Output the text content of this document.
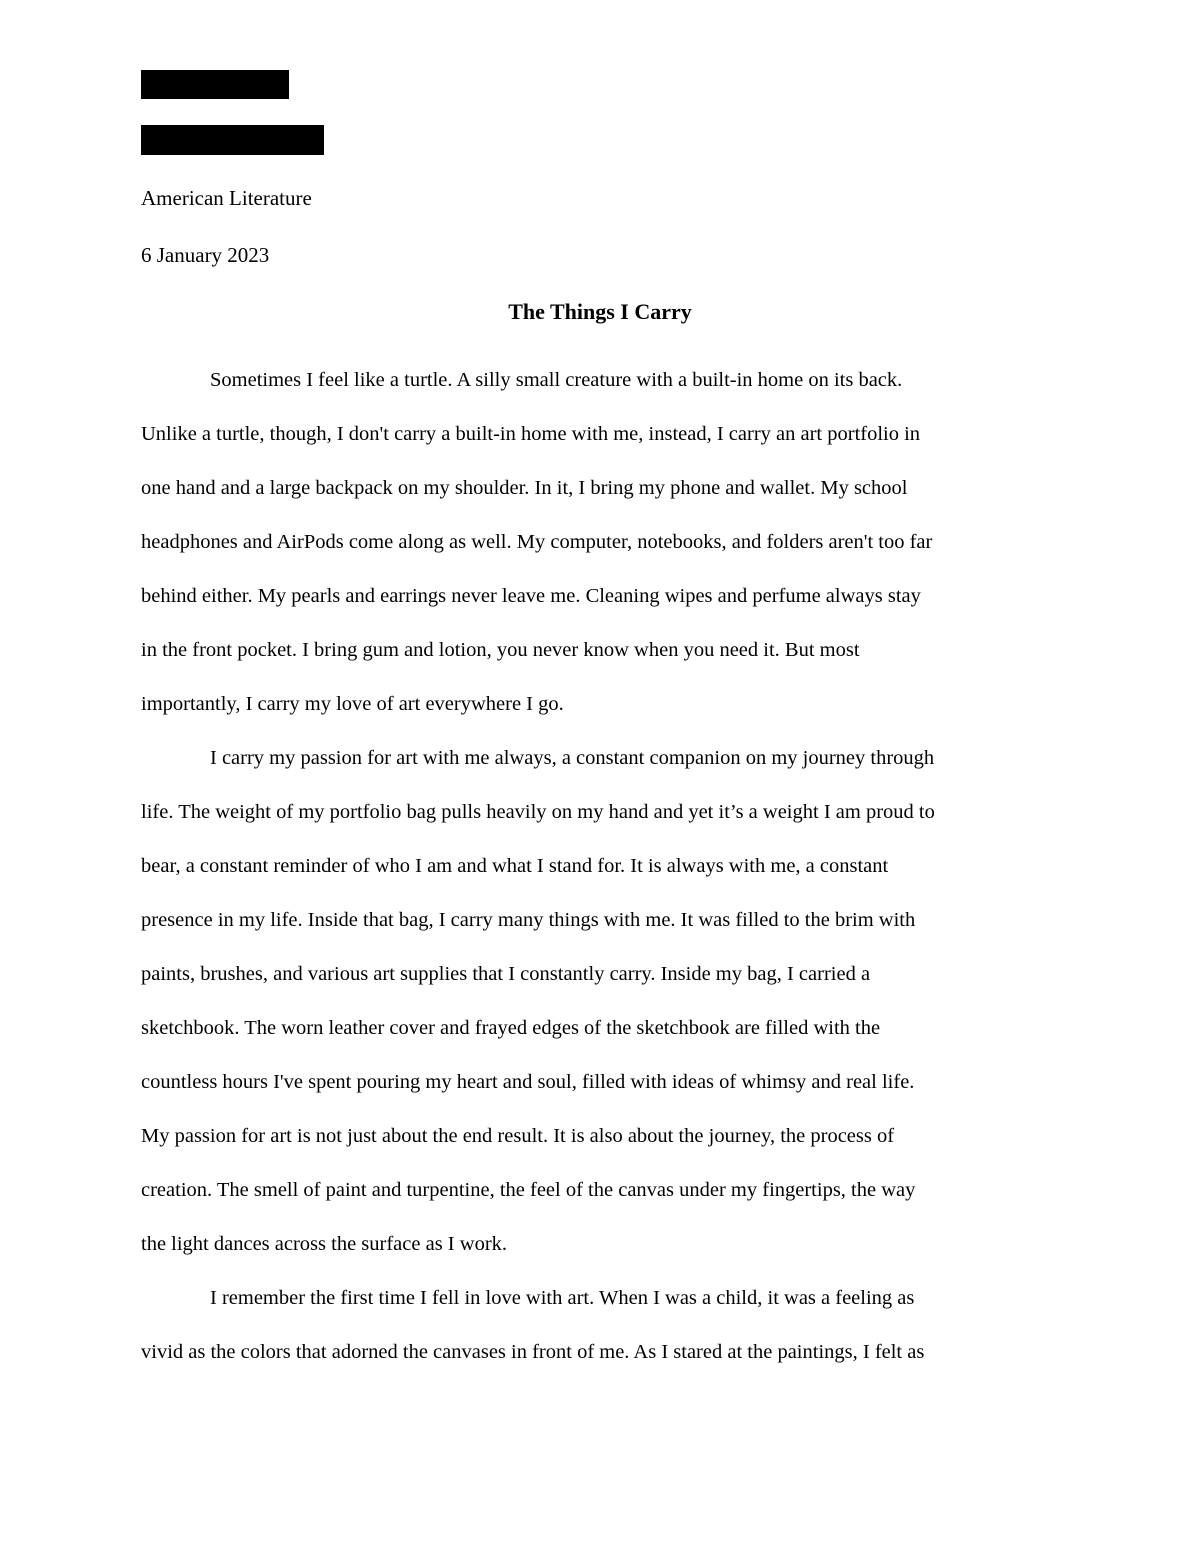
American Literature
6 January 2023
The Things I Carry
Sometimes I feel like a turtle. A silly small creature with a built-in home on its back.
Unlike a turtle, though, I don't carry a built-in home with me, instead, I carry an art portfolio in
one hand and a large backpack on my shoulder. In it, I bring my phone and wallet. My school
headphones and AirPods come along as well. My computer, notebooks, and folders aren't too far
behind either. My pearls and earrings never leave me. Cleaning wipes and perfume always stay
in the front pocket. I bring gum and lotion, you never know when you need it. But most
importantly, I carry my love of art everywhere I go.
I carry my passion for art with me always, a constant companion on my journey through
life. The weight of my portfolio bag pulls heavily on my hand and yet it’s a weight I am proud to
bear, a constant reminder of who I am and what I stand for. It is always with me, a constant
presence in my life. Inside that bag, I carry many things with me. It was filled to the brim with
paints, brushes, and various art supplies that I constantly carry. Inside my bag, I carried a
sketchbook. The worn leather cover and frayed edges of the sketchbook are filled with the
countless hours I've spent pouring my heart and soul, filled with ideas of whimsy and real life.
My passion for art is not just about the end result. It is also about the journey, the process of
creation. The smell of paint and turpentine, the feel of the canvas under my fingertips, the way
the light dances across the surface as I work.
I remember the first time I fell in love with art. When I was a child, it was a feeling as
vivid as the colors that adorned the canvases in front of me. As I stared at the paintings, I felt as
